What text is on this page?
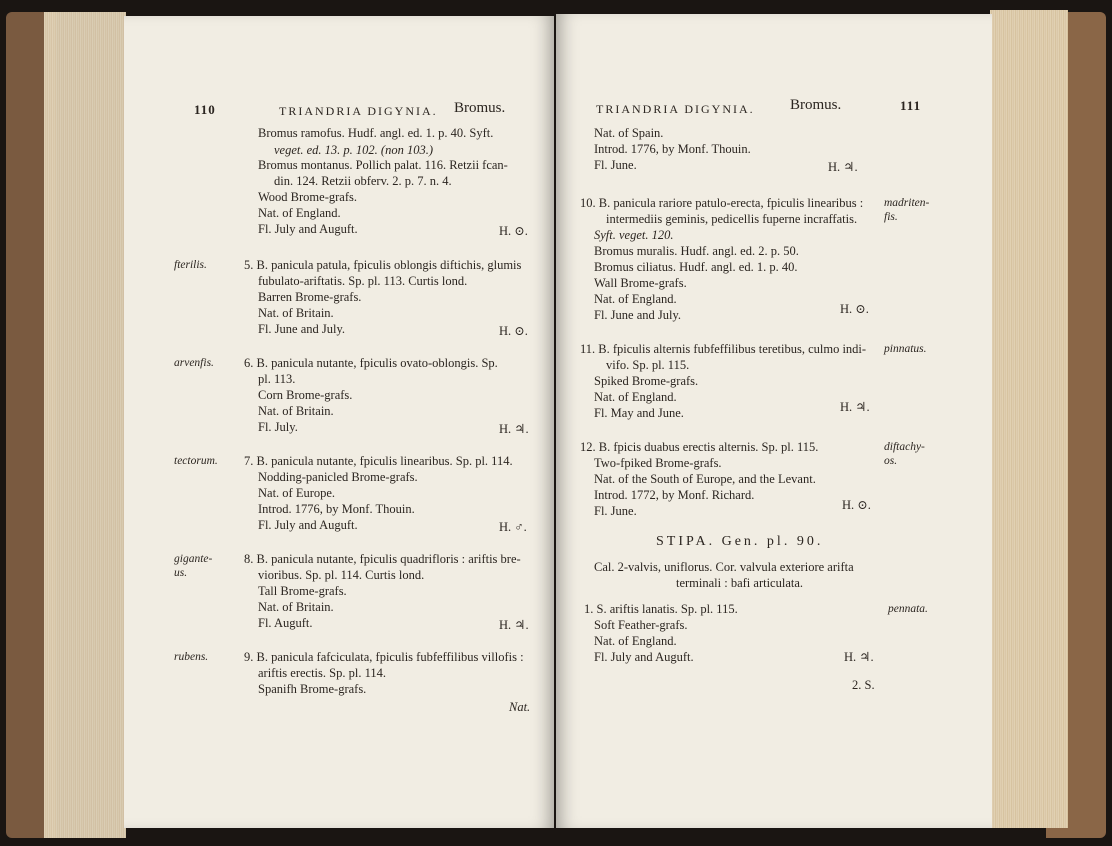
110	TRIANDRIA DIGYNIA. Bromus.
Bromus ramofus. Hudf. angl. ed. 1. p. 40. Syft.
veget. ed. 13. p. 102. (non 103.)
Bromus montanus. Pollich palat. 116. Retzii fcan-
din. 124. Retzii obferv. 2. p. 7. n. 4.
Wood Brome-grafs.
Nat. of England.
Fl. July and Auguft.	H. ⊙.
fterilis.	5. B. panicula patula, fpiculis oblongis diftichis, glumis
fubulato-ariftatis. Sp. pl. 113. Curtis lond.
Barren Brome-grafs.
Nat. of Britain.
Fl. June and July.	H. ⊙.
arvenfis. 6. B. panicula nutante, fpiculis ovato-oblongis. Sp.
pl. 113.
Corn Brome-grafs.
Nat. of Britain.
Fl. July.	H. ♃.
tectorum. 7. B. panicula nutante, fpiculis linearibus. Sp. pl. 114.
Nodding-panicled Brome-grafs.
Nat. of Europe.
Introd. 1776, by Monf. Thouin.
Fl. July and Auguft.	H. ♂.
gigante-
us.
8. B. panicula nutante, fpiculis quadrifloris : ariftis bre-
vioribus. Sp. pl. 114. Curtis lond.
Tall Brome-grafs.
Nat. of Britain.
Fl. Auguft.	H. ♃.
rubens.	9. B. panicula fafciculata, fpiculis fubfeffilibus villofis :
ariftis erectis. Sp. pl. 114.
Spanifh Brome-grafs.
Nat.
TRIANDRIA DIGYNIA. Bromus.	111
Nat. of Spain.
Introd. 1776, by Monf. Thouin.
Fl. June.	H. ♃.
10. B. panicula rariore patulo-erecta, fpiculis linearibus : madriten-
fis.
intermediis geminis, pedicellis fuperne incraffatis.
Syft. veget. 120.
Bromus muralis. Hudf. angl. ed. 2. p. 50.
Bromus ciliatus. Hudf. angl. ed. 1. p. 40.
Wall Brome-grafs.
Nat. of England.
Fl. June and July.	H. ⊙.
11. B. fpiculis alternis fubfeffilibus teretibus, culmo indi- pinnatus.
vifo. Sp. pl. 115.
Spiked Brome-grafs.
Nat. of England.
Fl. May and June.	H. ♃.
12. B. fpicis duabus erectis alternis. Sp. pl. 115.	diftachy-
os.
Two-fpiked Brome-grafs.
Nat. of the South of Europe, and the Levant.
Introd. 1772, by Monf. Richard.
Fl. June.	H. ⊙.
STIPA. Gen. pl. 90.
Cal. 2-valvis, uniflorus. Cor. valvula exteriore arifta
terminali : bafi articulata.
1. S. ariftis lanatis. Sp. pl. 115.	pennata.
Soft Feather-grafs.
Nat. of England.
Fl. July and Auguft.	H. ♃.
2. S.
